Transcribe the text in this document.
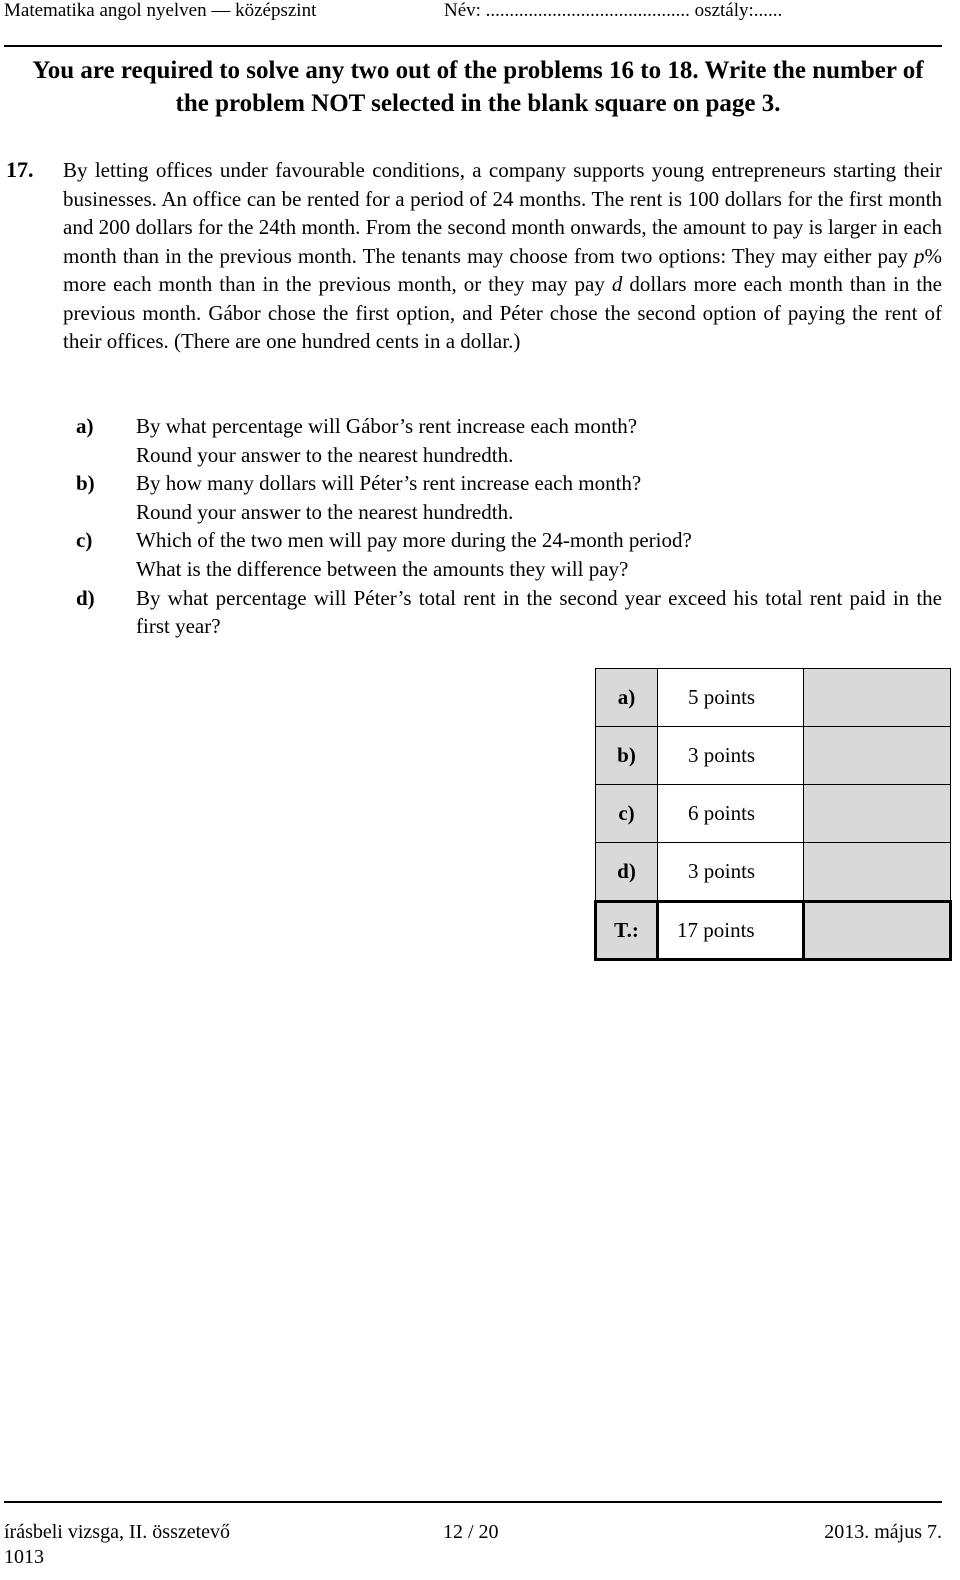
Matematika angol nyelven — középszint	Név: ........................................... osztály:......
You are required to solve any two out of the problems 16 to 18. Write the number of the problem NOT selected in the blank square on page 3.
17. By letting offices under favourable conditions, a company supports young entrepreneurs starting their businesses. An office can be rented for a period of 24 months. The rent is 100 dollars for the first month and 200 dollars for the 24th month. From the second month onwards, the amount to pay is larger in each month than in the previous month. The tenants may choose from two options: They may either pay p% more each month than in the previous month, or they may pay d dollars more each month than in the previous month. Gábor chose the first option, and Péter chose the second option of paying the rent of their offices. (There are one hundred cents in a dollar.)
a)	By what percentage will Gábor’s rent increase each month?
Round your answer to the nearest hundredth.
b)	By how many dollars will Péter’s rent increase each month?
Round your answer to the nearest hundredth.
c)	Which of the two men will pay more during the 24-month period?
What is the difference between the amounts they will pay?
d)	By what percentage will Péter’s total rent in the second year exceed his total rent paid in the first year?
a)	5 points	
b)	3 points	
c)	6 points	
d)	3 points	
T.:	17 points	
írásbeli vizsga, II. összetevő	12 / 20	2013. május 7.
1013
